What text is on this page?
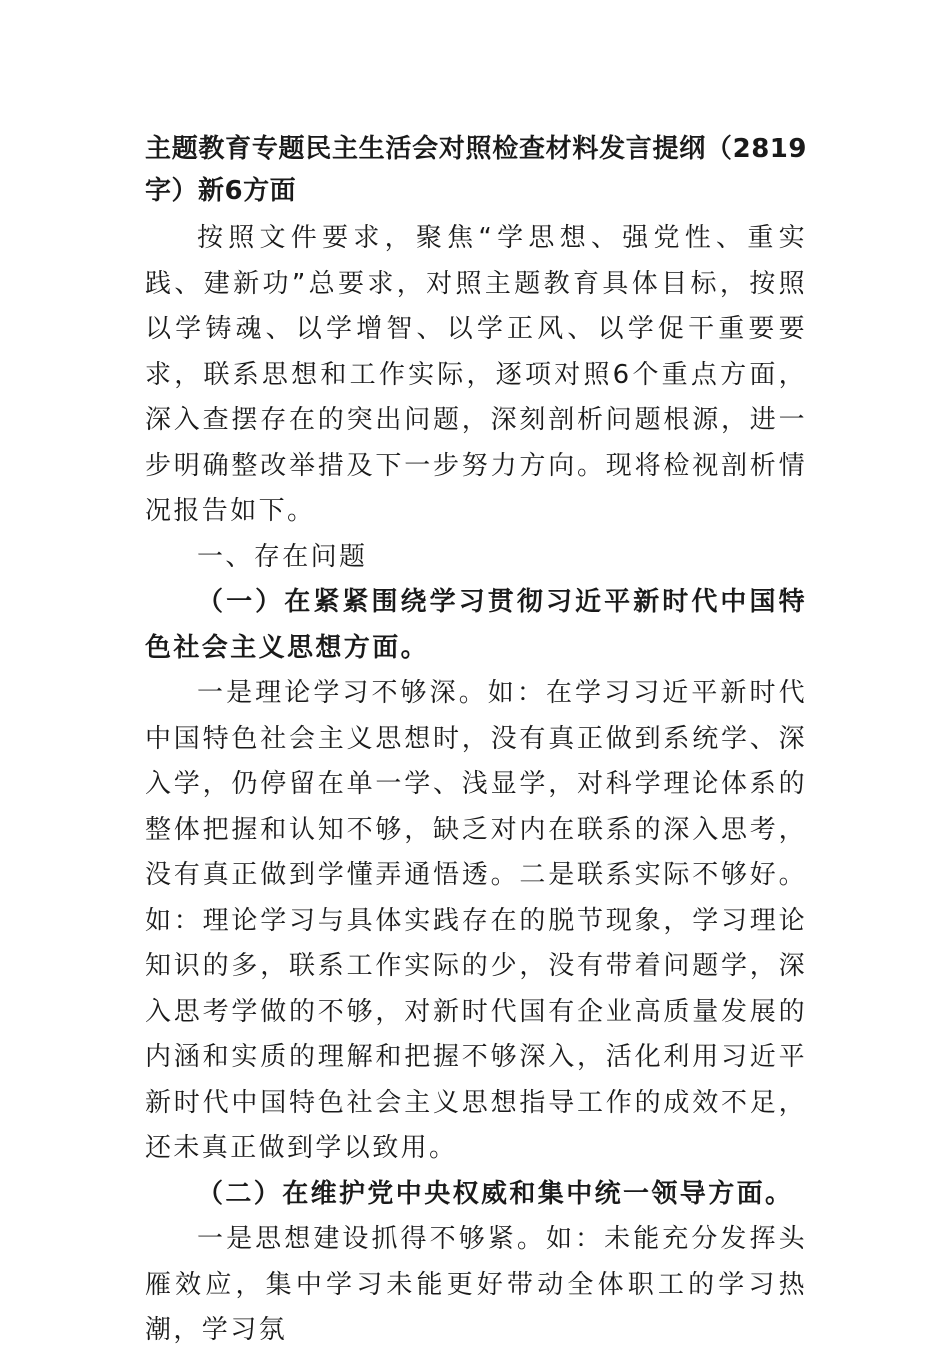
主题教育专题民主生活会对照检查材料发言提纲（2819字）新6方面

按照文件要求，聚焦“学思想、强党性、重实践、建新功”总要求，对照主题教育具体目标，按照以学铸魂、以学增智、以学正风、以学促干重要要求，联系思想和工作实际，逐项对照6个重点方面，深入查摆存在的突出问题，深刻剖析问题根源，进一步明确整改举措及下一步努力方向。现将检视剖析情况报告如下。

一、存在问题

（一）在紧紧围绕学习贯彻习近平新时代中国特色社会主义思想方面。

一是理论学习不够深。如：在学习习近平新时代中国特色社会主义思想时，没有真正做到系统学、深入学，仍停留在单一学、浅显学，对科学理论体系的整体把握和认知不够，缺乏对内在联系的深入思考，没有真正做到学懂弄通悟透。二是联系实际不够好。如：理论学习与具体实践存在的脱节现象，学习理论知识的多，联系工作实际的少，没有带着问题学，深入思考学做的不够，对新时代国有企业高质量发展的内涵和实质的理解和把握不够深入，活化利用习近平新时代中国特色社会主义思想指导工作的成效不足，还未真正做到学以致用。

（二）在维护党中央权威和集中统一领导方面。

一是思想建设抓得不够紧。如：未能充分发挥头雁效应，集中学习未能更好带动全体职工的学习热潮，学习氛
